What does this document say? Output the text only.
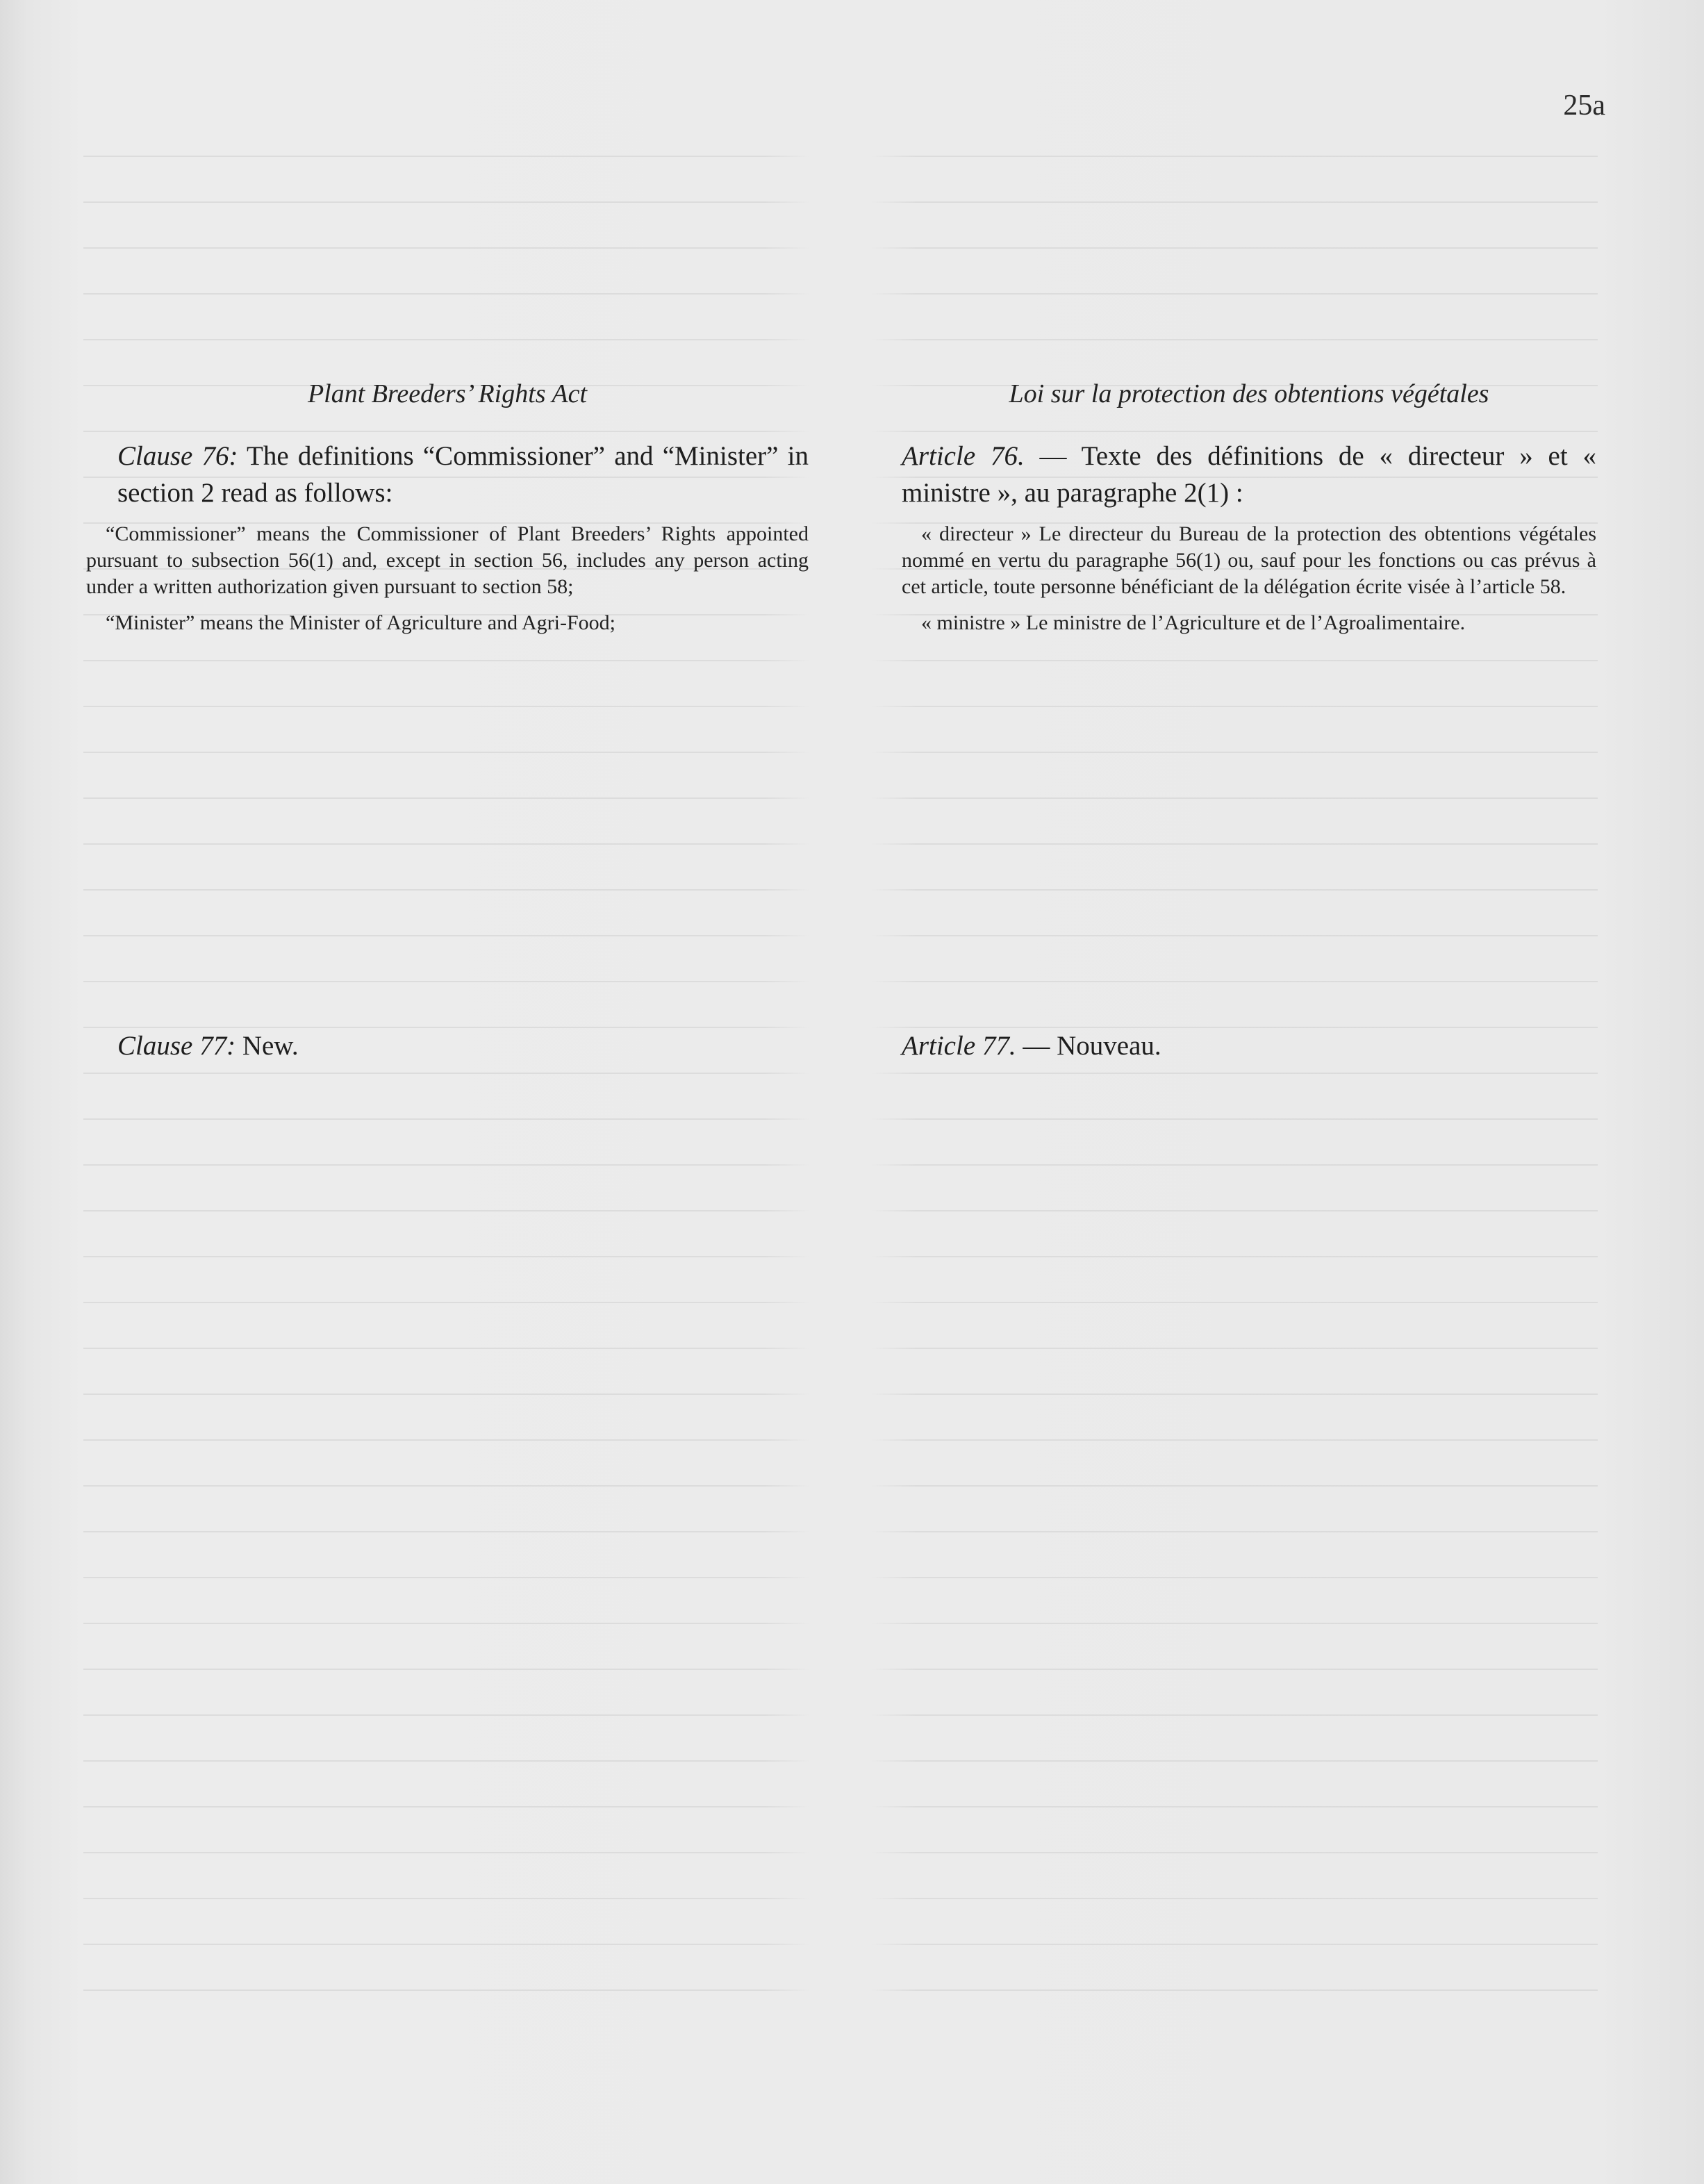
25a
Plant Breeders’ Rights Act
Clause 76: The definitions “Commissioner” and “Minister” in section 2 read as follows:
“Commissioner” means the Commissioner of Plant Breeders’ Rights appointed pursuant to subsection 56(1) and, except in section 56, includes any person acting under a written authorization given pursuant to section 58;
“Minister” means the Minister of Agriculture and Agri-Food;
Clause 77: New.
Loi sur la protection des obtentions végétales
Article 76. — Texte des définitions de « directeur » et « ministre », au paragraphe 2(1) :
« directeur » Le directeur du Bureau de la protection des obtentions végétales nommé en vertu du paragraphe 56(1) ou, sauf pour les fonctions ou cas prévus à cet article, toute personne bénéficiant de la délégation écrite visée à l’article 58.
« ministre » Le ministre de l’Agriculture et de l’Agroalimentaire.
Article 77. — Nouveau.
